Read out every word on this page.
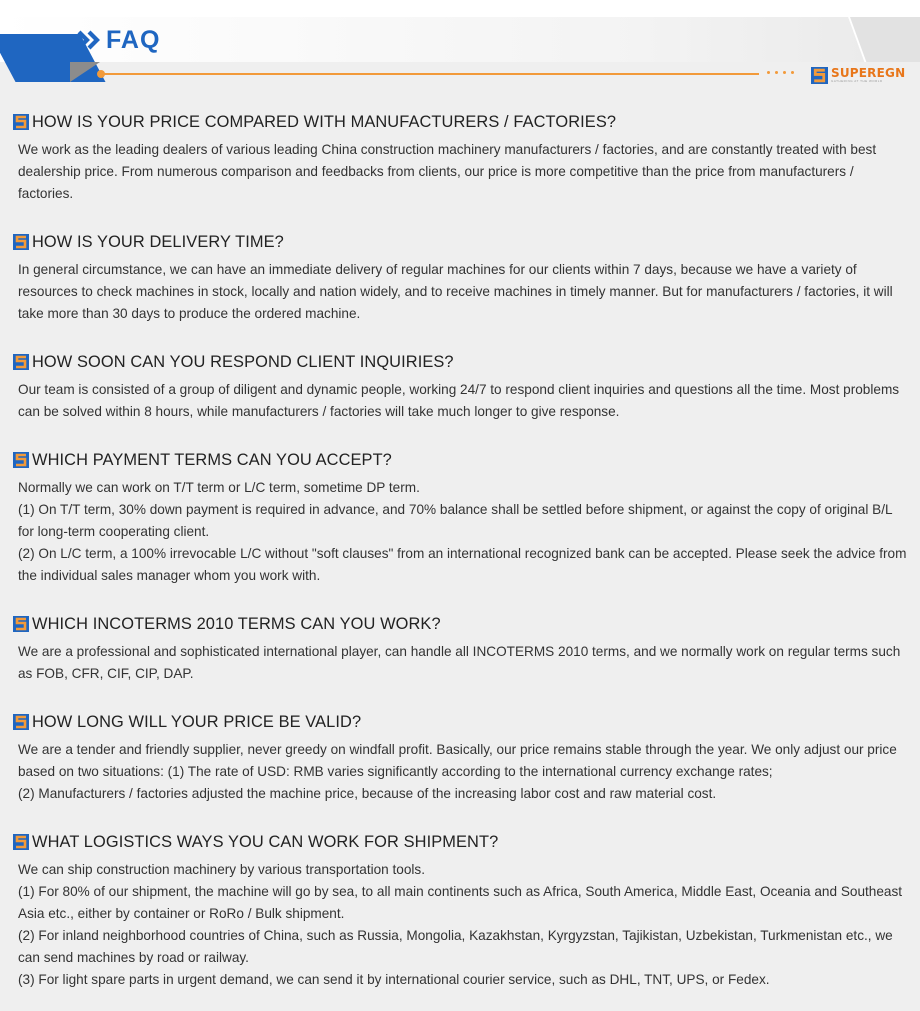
FAQ
SUPEREGN
GATHERING AT THE WORLD
HOW IS YOUR PRICE COMPARED WITH MANUFACTURERS / FACTORIES?

We work as the leading dealers of various leading China construction machinery manufacturers / factories, and are constantly treated with best dealership price. From numerous comparison and feedbacks from clients, our price is more competitive than the price from manufacturers / factories.

HOW IS YOUR DELIVERY TIME?

In general circumstance, we can have an immediate delivery of regular machines for our clients within 7 days, because we have a variety of resources to check machines in stock, locally and nation widely, and to receive machines in timely manner. But for manufacturers / factories, it will take more than 30 days to produce the ordered machine.

HOW SOON CAN YOU RESPOND CLIENT INQUIRIES?

Our team is consisted of a group of diligent and dynamic people, working 24/7 to respond client inquiries and questions all the time. Most problems can be solved within 8 hours, while manufacturers / factories will take much longer to give response.

WHICH PAYMENT TERMS CAN YOU ACCEPT?

Normally we can work on T/T term or L/C term, sometime DP term.

(1) On T/T term, 30% down payment is required in advance, and 70% balance shall be settled before shipment, or against the copy of original B/L for long-term cooperating client.

(2) On L/C term, a 100% irrevocable L/C without "soft clauses" from an international recognized bank can be accepted. Please seek the advice from the individual sales manager whom you work with.

WHICH INCOTERMS 2010 TERMS CAN YOU WORK?

We are a professional and sophisticated international player, can handle all INCOTERMS 2010 terms, and we normally work on regular terms such as FOB, CFR, CIF, CIP, DAP.

HOW LONG WILL YOUR PRICE BE VALID?

We are a tender and friendly supplier, never greedy on windfall profit. Basically, our price remains stable through the year. We only adjust our price based on two situations: (1) The rate of USD: RMB varies significantly according to the international currency exchange rates;

(2) Manufacturers / factories adjusted the machine price, because of the increasing labor cost and raw material cost.

WHAT LOGISTICS WAYS YOU CAN WORK FOR SHIPMENT?

We can ship construction machinery by various transportation tools.

(1) For 80% of our shipment, the machine will go by sea, to all main continents such as Africa, South America, Middle East, Oceania and Southeast Asia etc., either by container or RoRo / Bulk shipment.

(2) For inland neighborhood countries of China, such as Russia, Mongolia, Kazakhstan, Kyrgyzstan, Tajikistan, Uzbekistan, Turkmenistan etc., we can send machines by road or railway.

(3) For light spare parts in urgent demand, we can send it by international courier service, such as DHL, TNT, UPS, or Fedex.
